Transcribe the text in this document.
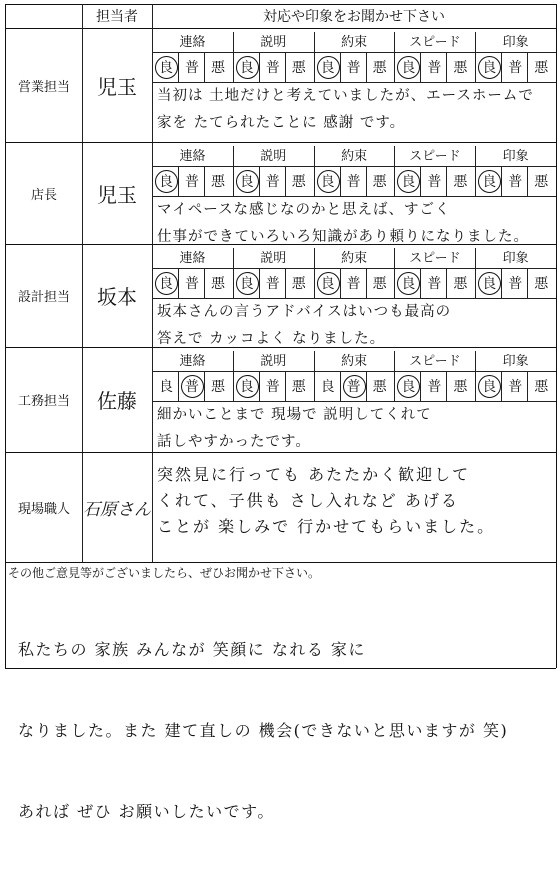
担当者	対応や印象をお聞かせ下さい
その他ご意見等がございましたら、ぜひお聞かせ下さい。

私たちの 家族 みんなが 笑顔に なれる 家に

なりました。また 建て直しの 機会(できないと思いますが 笑)

あれば ぜひ お願いしたいです。

営業担当	児玉
連絡
良 普 悪
説明
良 普 悪
約束
良 普 悪
スピード
良 普 悪
印象
良 普 悪
当初は 土地だけと考えていましたが、エースホームで
家を たてられたことに 感謝 です。
店長	児玉
連絡
良 普 悪
説明
良 普 悪
約束
良 普 悪
スピード
良 普 悪
印象
良 普 悪
マイペースな感じなのかと思えば、すごく
仕事ができていろいろ知識があり頼りになりました。
設計担当	坂本
連絡
良 普 悪
説明
良 普 悪
約束
良 普 悪
スピード
良 普 悪
印象
良 普 悪
坂本さんの言うアドバイスはいつも最高の
答えで カッコよく なりました。
工務担当	佐藤
連絡
良 普 悪
説明
良 普 悪
約束
良 普 悪
スピード
良 普 悪
印象
良 普 悪
細かいことまで 現場で 説明してくれて
話しやすかったです。
現場職人 石原さん
突然見に行っても あたたかく歓迎して
くれて、子供も さし入れなど あげる
ことが 楽しみで 行かせてもらいました。
